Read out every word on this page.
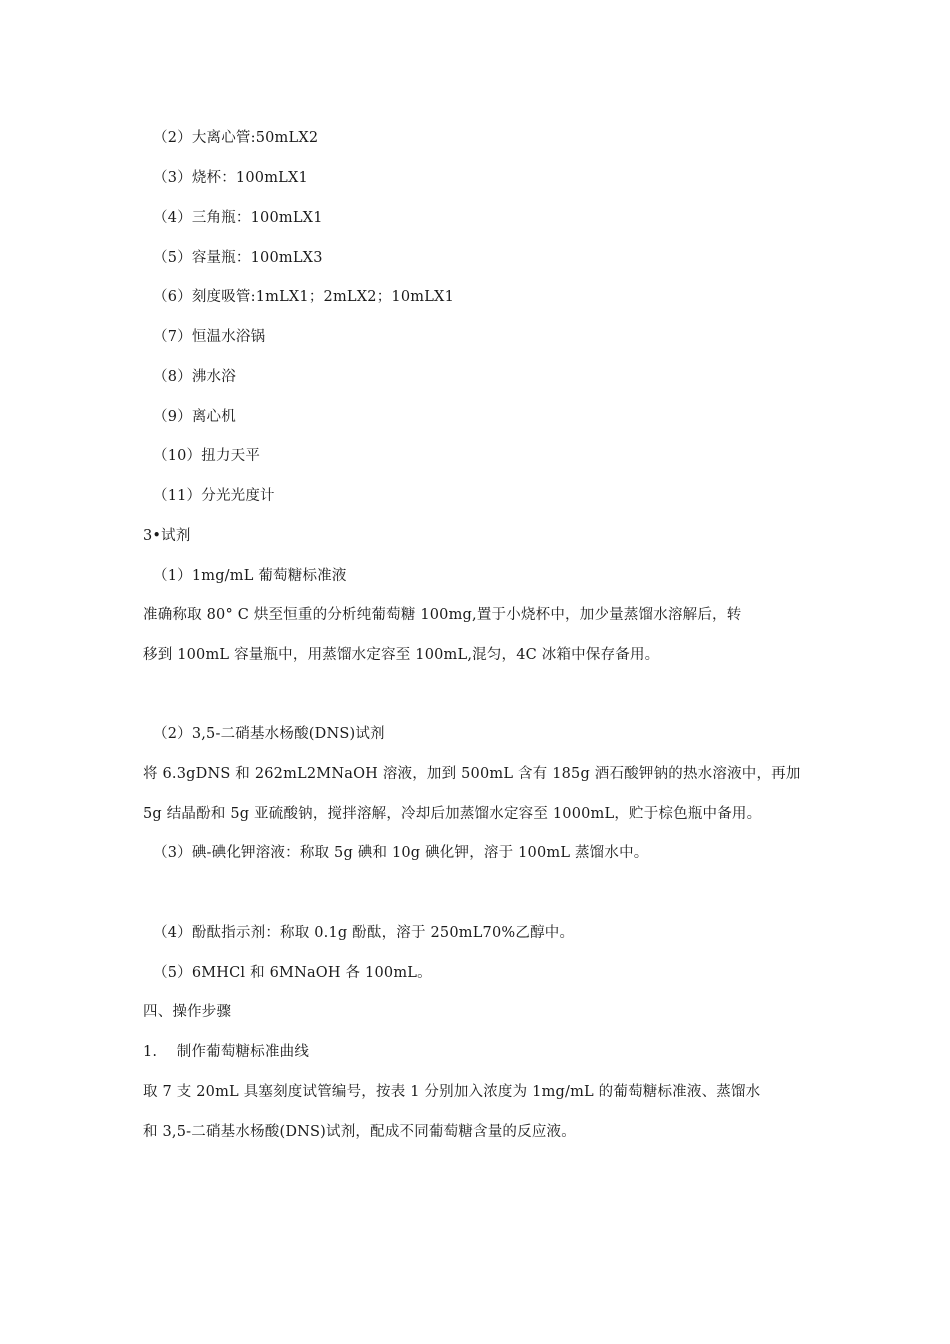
（2）大离心管:50mLX2
（3）烧杯：100mLX1
（4）三角瓶：100mLX1
（5）容量瓶：100mLX3
（6）刻度吸管:1mLX1；2mLX2；10mLX1
（7）恒温水浴锅
（8）沸水浴
（9）离心机
（10）扭力天平
（11）分光光度计
3•试剂
（1）1mg/mL 葡萄糖标准液
准确称取 80° C 烘至恒重的分析纯葡萄糖 100mg,置于小烧杯中，加少量蒸馏水溶解后，转
移到 100mL 容量瓶中，用蒸馏水定容至 100mL,混匀，4C 冰箱中保存备用。
（2）3,5-二硝基水杨酸(DNS)试剂
将 6.3gDNS 和 262mL2MNaOH 溶液，加到 500mL 含有 185g 酒石酸钾钠的热水溶液中，再加
5g 结晶酚和 5g 亚硫酸钠，搅拌溶解，冷却后加蒸馏水定容至 1000mL，贮于棕色瓶中备用。
（3）碘-碘化钾溶液：称取 5g 碘和 10g 碘化钾，溶于 100mL 蒸馏水中。
（4）酚酞指示剂：称取 0.1g 酚酞，溶于 250mL70%乙醇中。
（5）6MHCl 和 6MNaOH 各 100mL。
四、操作步骤
1.　 制作葡萄糖标准曲线
取 7 支 20mL 具塞刻度试管编号，按表 1 分别加入浓度为 1mg/mL 的葡萄糖标准液、蒸馏水
和 3,5-二硝基水杨酸(DNS)试剂，配成不同葡萄糖含量的反应液。
